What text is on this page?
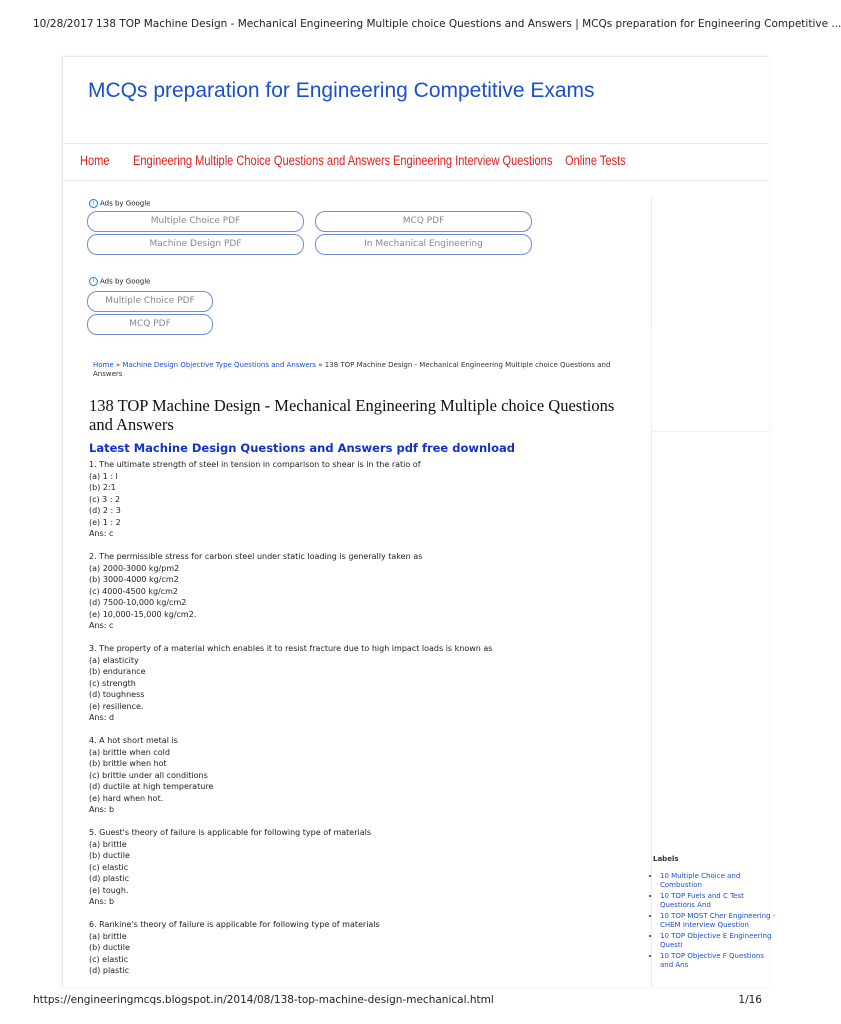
10/28/2017 138 TOP Machine Design - Mechanical Engineering Multiple choice Questions and Answers | MCQs preparation for Engineering Competitive ...
MCQs preparation for Engineering Competitive Exams
Home Engineering Multiple Choice Questions and Answers Engineering Interview Questions Online Tests
i Ads by Google
Multiple Choice PDF	MCQ PDF
Machine Design PDF	In Mechanical Engineering
i Ads by Google
Multiple Choice PDF
MCQ PDF
Home » Machine Design Objective Type Questions and Answers » 138 TOP Machine Design - Mechanical Engineering Multiple choice Questions and Answers
138 TOP Machine Design - Mechanical Engineering Multiple choice Questions and Answers
Latest Machine Design Questions and Answers pdf free download
1. The ultimate strength of steel in tension in comparison to shear is in the ratio of
(a) 1 : l
(b) 2:1
(c) 3 : 2
(d) 2 : 3
(e) 1 : 2
Ans: c
2. The permissible stress for carbon steel under static loading is generally taken as
(a) 2000-3000 kg/pm2
(b) 3000-4000 kg/cm2
(c) 4000-4500 kg/cm2
(d) 7500-10,000 kg/cm2
(e) 10,000-15,000 kg/cm2.
Ans: c
3. The property of a material which enables it to resist fracture due to high impact loads is known as
(a) elasticity
(b) endurance
(c) strength
(d) toughness
(e) resilience.
Ans: d
4. A hot short metal is
(a) brittle when cold
(b) brittle when hot
(c) brittle under all conditions
(d) ductile at high temperature
(e) hard when hot.
Ans: b
5. Guest's theory of failure is applicable for following type of materials
(a) brittle
(b) ductile
(c) elastic
(d) plastic
(e) tough.
Ans: b
6. Rankine's theory of failure is applicable for following type of materials
(a) brittle
(b) ductile
(c) elastic
(d) plastic
Labels
• 10 Multiple Choice and Combustion
• 10 TOP Fuels and C Test Questions And
• 10 TOP MOST Cher Engineering - CHEM Interview Question
• 10 TOP Objective E Engineering Questi
• 10 TOP Objective F Questions and Ans
https://engineeringmcqs.blogspot.in/2014/08/138-top-machine-design-mechanical.html	1/16
